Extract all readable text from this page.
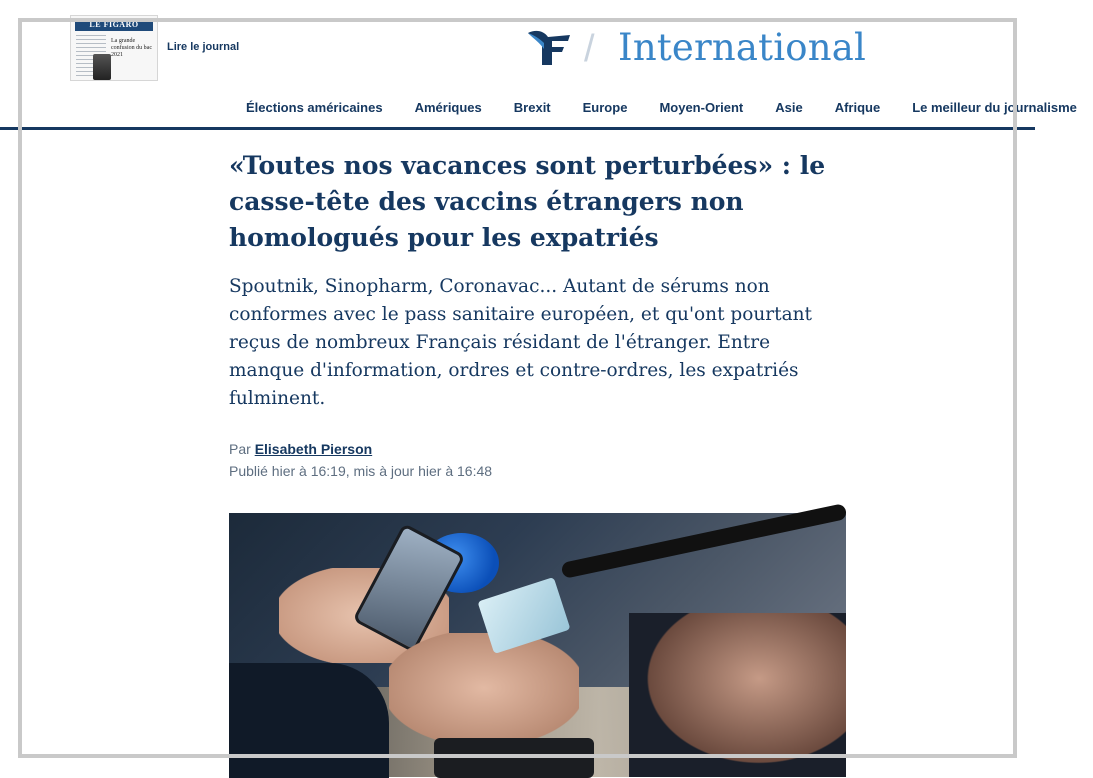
LE FIGARO
La grande confusion du bac 2021
Lire le journal	/ International
Élections américaines	Amériques	Brexit	Europe	Moyen-Orient	Asie	Afrique	Le meilleur du journalisme
«Toutes nos vacances sont perturbées» : le casse-tête des vaccins étrangers non homologués pour les expatriés

Spoutnik, Sinopharm, Coronavac... Autant de sérums non conformes avec le pass sanitaire européen, et qu'ont pourtant reçus de nombreux Français résidant de l'étranger. Entre manque d'information, ordres et contre-ordres, les expatriés fulminent.

Par Elisabeth Pierson
Publié hier à 16:19, mis à jour hier à 16:48
